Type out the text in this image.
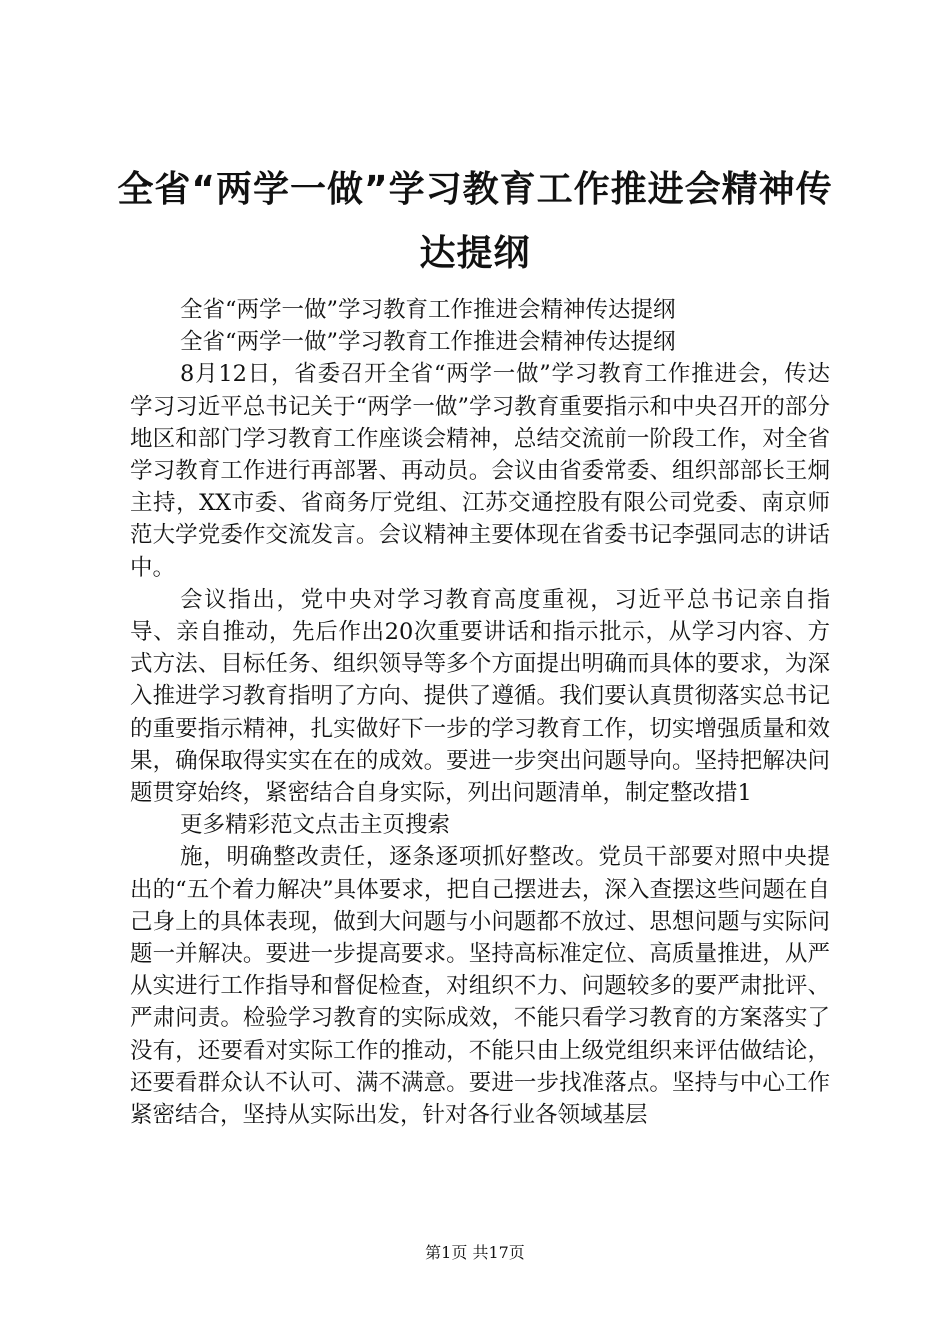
全省“两学一做”学习教育工作推进会精神传达提纲

全省“两学一做”学习教育工作推进会精神传达提纲

全省“两学一做”学习教育工作推进会精神传达提纲

8月12日，省委召开全省“两学一做”学习教育工作推进会，传达学习习近平总书记关于“两学一做”学习教育重要指示和中央召开的部分地区和部门学习教育工作座谈会精神，总结交流前一阶段工作，对全省学习教育工作进行再部署、再动员。会议由省委常委、组织部部长王炯主持，XX市委、省商务厅党组、江苏交通控股有限公司党委、南京师范大学党委作交流发言。会议精神主要体现在省委书记李强同志的讲话中。

会议指出，党中央对学习教育高度重视，习近平总书记亲自指导、亲自推动，先后作出20次重要讲话和指示批示，从学习内容、方式方法、目标任务、组织领导等多个方面提出明确而具体的要求，为深入推进学习教育指明了方向、提供了遵循。我们要认真贯彻落实总书记的重要指示精神，扎实做好下一步的学习教育工作，切实增强质量和效果，确保取得实实在在的成效。要进一步突出问题导向。坚持把解决问题贯穿始终，紧密结合自身实际，列出问题清单，制定整改措1

更多精彩范文点击主页搜索

施，明确整改责任，逐条逐项抓好整改。党员干部要对照中央提出的“五个着力解决”具体要求，把自己摆进去，深入查摆这些问题在自己身上的具体表现，做到大问题与小问题都不放过、思想问题与实际问题一并解决。要进一步提高要求。坚持高标准定位、高质量推进，从严从实进行工作指导和督促检查，对组织不力、问题较多的要严肃批评、严肃问责。检验学习教育的实际成效，不能只看学习教育的方案落实了没有，还要看对实际工作的推动，不能只由上级党组织来评估做结论，还要看群众认不认可、满不满意。要进一步找准落点。坚持与中心工作紧密结合，坚持从实际出发，针对各行业各领域基层

第1页 共17页
